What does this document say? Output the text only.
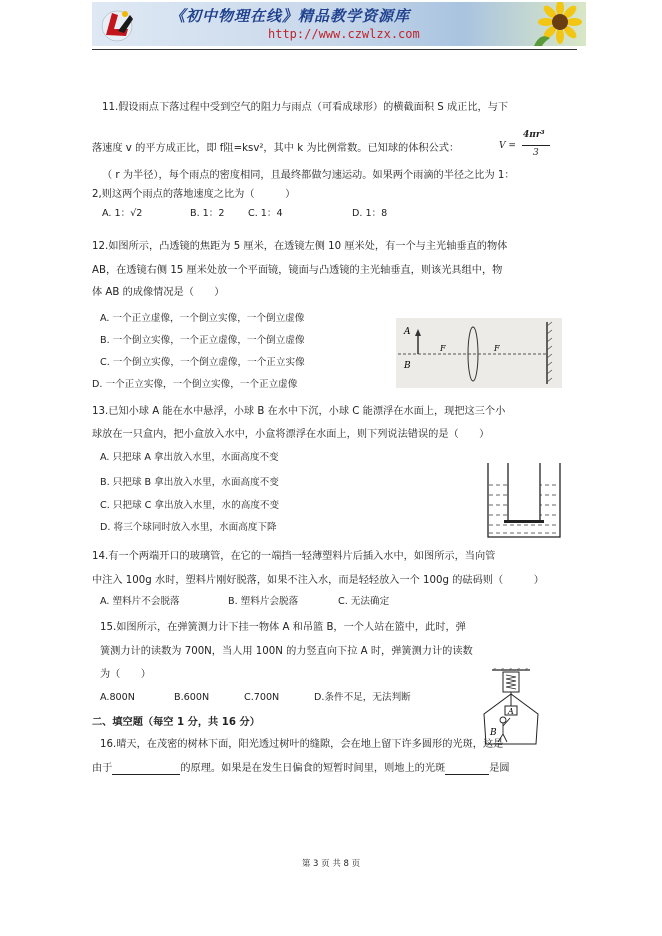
《初中物理在线》精品教学资源库
http://www.czwlzx.com
11.假设雨点下落过程中受到空气的阻力与雨点（可看成球形）的横截面积 S 成正比，与下
落速度 v 的平方成正比，即 f阻=ksv²，其中 k 为比例常数。已知球的体积公式：	V =
4πr³
3
（ r 为半径），每个雨点的密度相同，且最终都做匀速运动。如果两个雨滴的半径之比为 1：
2,则这两个雨点的落地速度之比为（　　　）
A. 1：√2	B. 1：2 C. 1：4	D. 1：8
12.如图所示，凸透镜的焦距为 5 厘米，在透镜左侧 10 厘米处，有一个与主光轴垂直的物体
AB，在透镜右侧 15 厘米处放一个平面镜，镜面与凸透镜的主光轴垂直，则该光具组中，物
体 AB 的成像情况是（　　）
A. 一个正立虚像，一个倒立实像，一个倒立虚像
B. 一个倒立实像，一个正立虚像，一个倒立虚像
C. 一个倒立实像，一个倒立虚像，一个正立实像
D. 一个正立实像，一个倒立实像，一个正立虚像
A
B
F	F
13.已知小球 A 能在水中悬浮，小球 B 在水中下沉，小球 C 能漂浮在水面上，现把这三个小
球放在一只盒内，把小盒放入水中，小盒将漂浮在水面上，则下列说法错误的是（　　）
A. 只把球 A 拿出放入水里，水面高度不变
B. 只把球 B 拿出放入水里，水面高度不变
C. 只把球 C 拿出放入水里，水的高度不变
D. 将三个球同时放入水里，水面高度下降
14.有一个两端开口的玻璃管，在它的一端挡一轻薄塑料片后插入水中，如图所示，当向管
中注入 100g 水时，塑料片刚好脱落，如果不注入水，而是轻轻放入一个 100g 的砝码则（　　　）
A. 塑料片不会脱落	B. 塑料片会脱落	C. 无法确定
15.如图所示，在弹簧测力计下挂一物体 A 和吊篮 B，一个人站在篮中，此时，弹
簧测力计的读数为 700N，当人用 100N 的力竖直向下拉 A 时，弹簧测力计的读数
为（　　）
A.800N	B.600N	C.700N	D.条件不足，无法判断
A
B
二、填空题（每空 1 分，共 16 分）
16.晴天，在茂密的树林下面，阳光透过树叶的缝隙，会在地上留下许多圆形的光斑，这是
由于	的原理。如果是在发生日偏食的短暂时间里，则地上的光斑	是圆
第 3 页 共 8 页
